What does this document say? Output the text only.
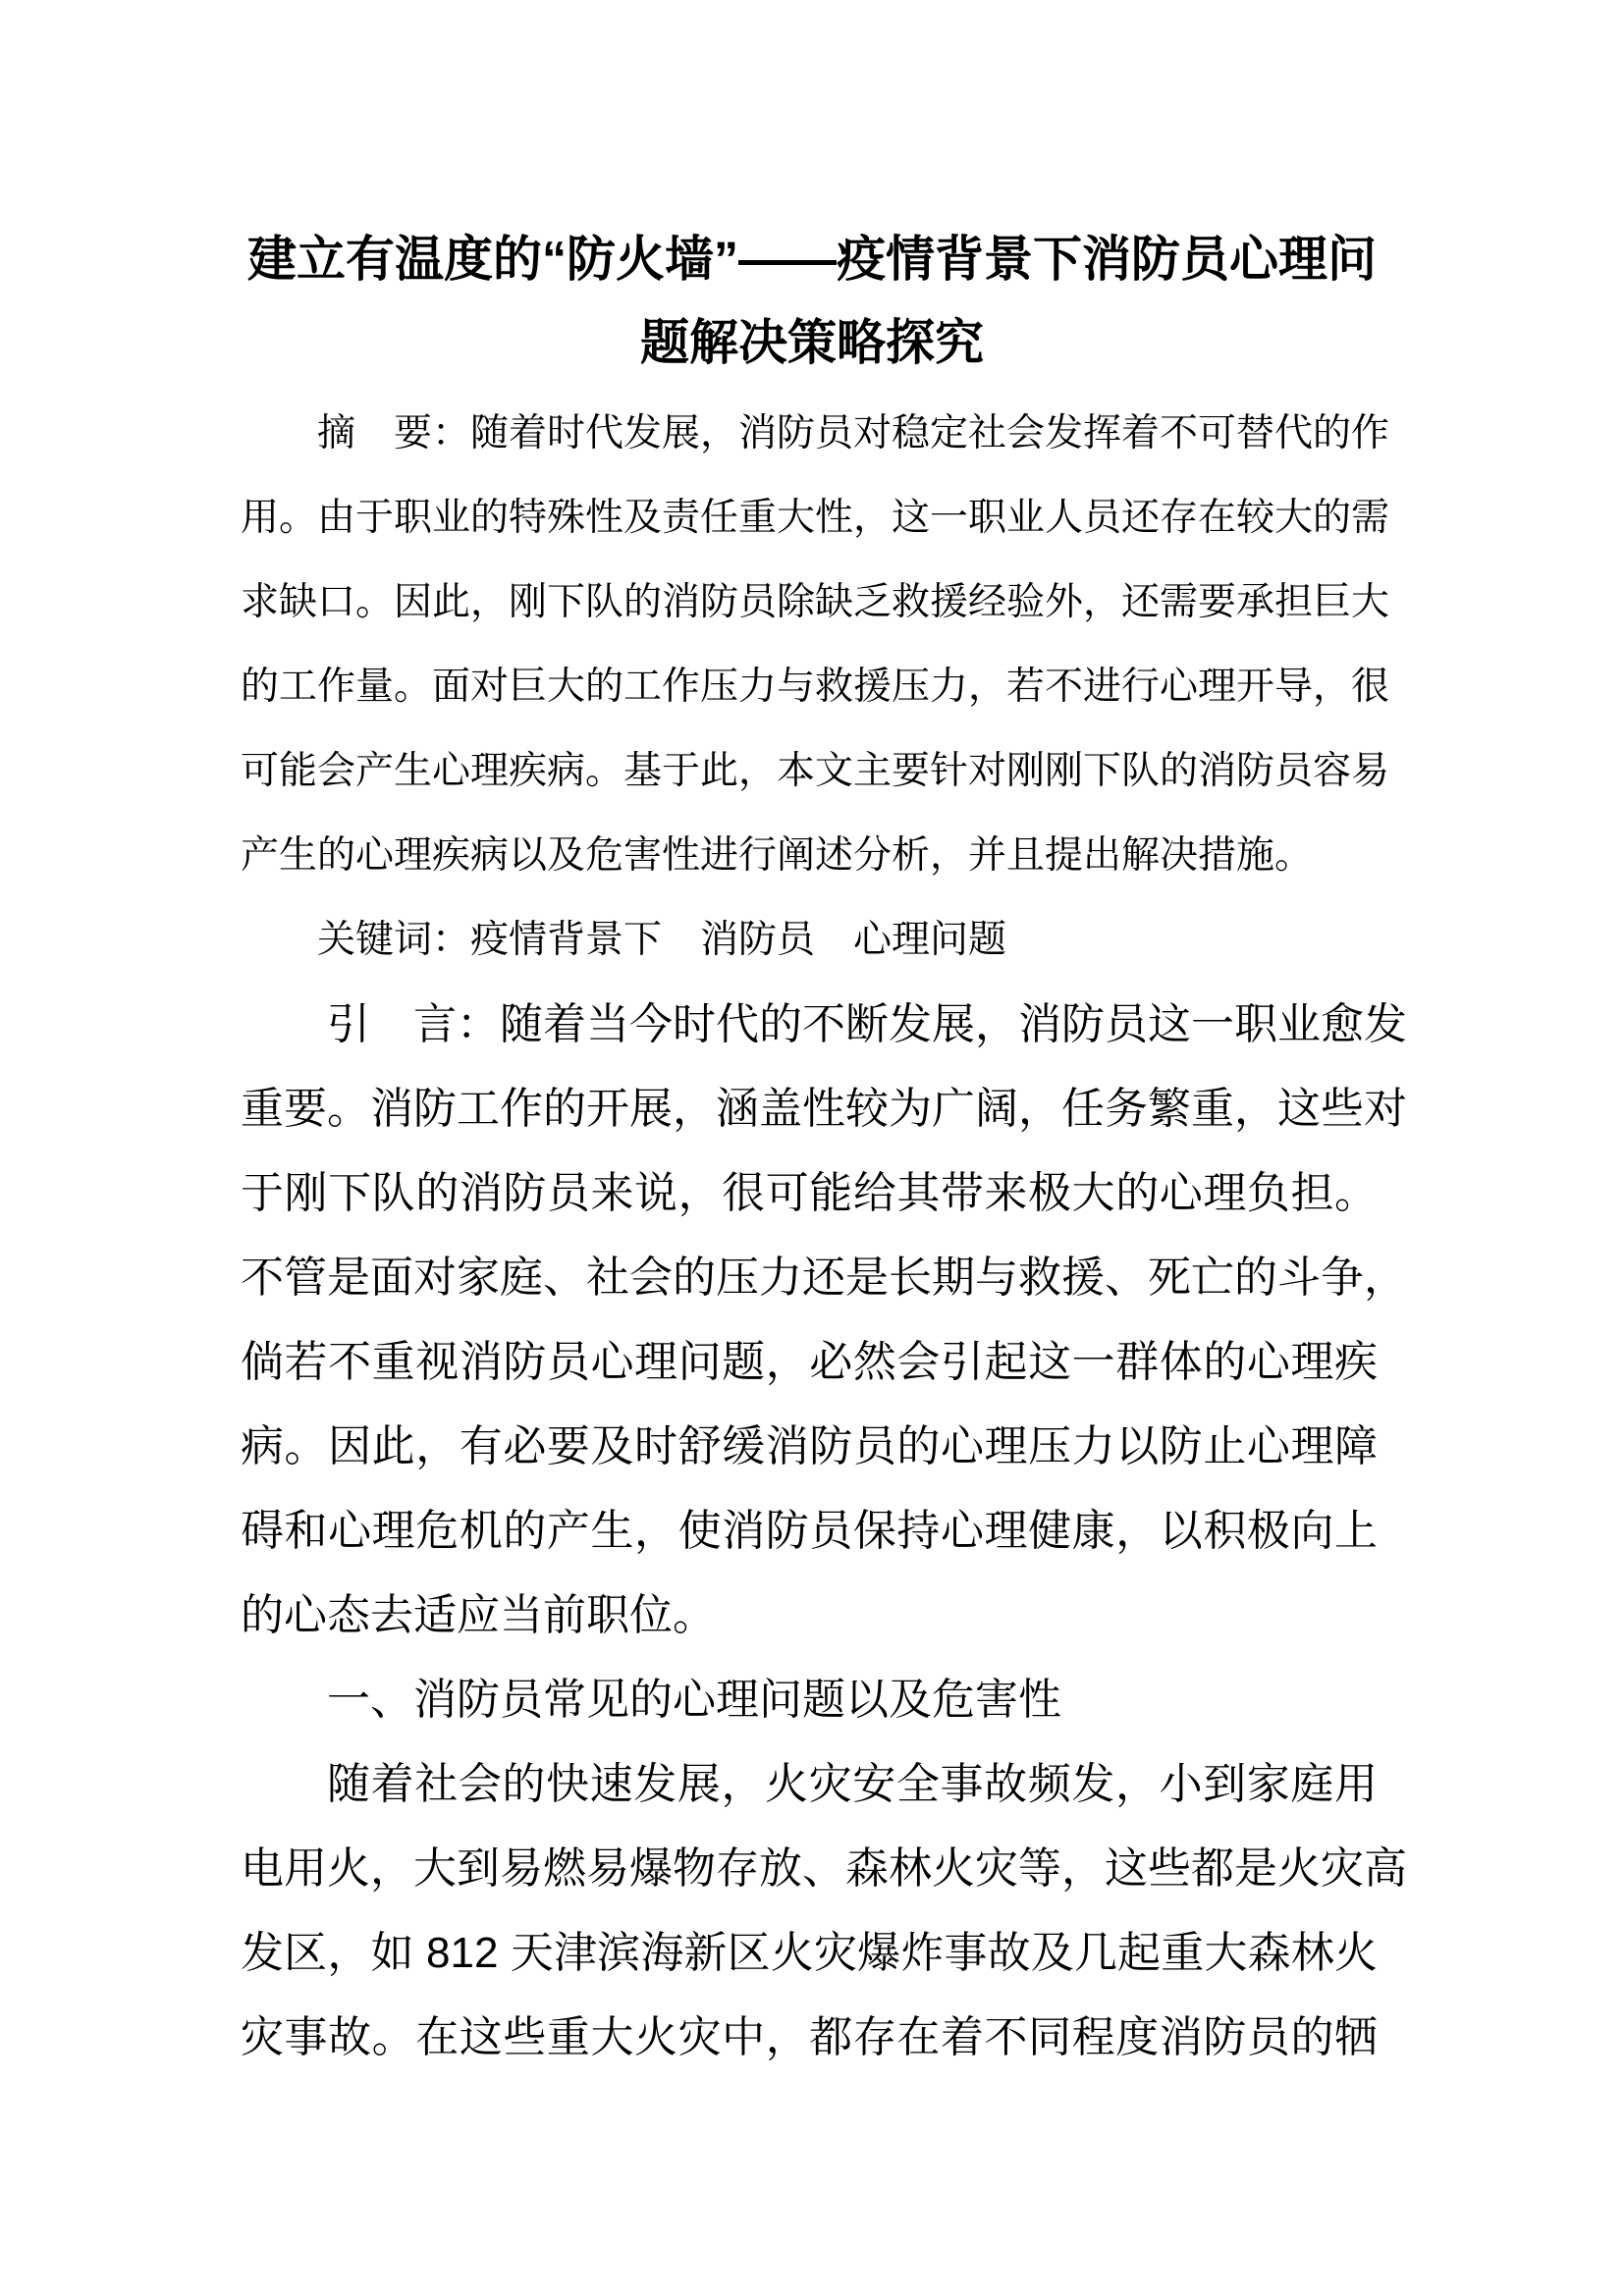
建立有温度的“防火墙”——疫情背景下消防员心理问
题解决策略探究
摘　要：随着时代发展，消防员对稳定社会发挥着不可替代的作
用。由于职业的特殊性及责任重大性，这一职业人员还存在较大的需
求缺口。因此，刚下队的消防员除缺乏救援经验外，还需要承担巨大
的工作量。面对巨大的工作压力与救援压力，若不进行心理开导，很
可能会产生心理疾病。基于此，本文主要针对刚刚下队的消防员容易
产生的心理疾病以及危害性进行阐述分析，并且提出解决措施。
关键词：疫情背景下　消防员　心理问题
引　言：随着当今时代的不断发展，消防员这一职业愈发
重要。消防工作的开展，涵盖性较为广阔，任务繁重，这些对
于刚下队的消防员来说，很可能给其带来极大的心理负担。
不管是面对家庭、社会的压力还是长期与救援、死亡的斗争，
倘若不重视消防员心理问题，必然会引起这一群体的心理疾
病。因此，有必要及时舒缓消防员的心理压力以防止心理障
碍和心理危机的产生，使消防员保持心理健康，以积极向上
的心态去适应当前职位。
一、消防员常见的心理问题以及危害性
随着社会的快速发展，火灾安全事故频发，小到家庭用
电用火，大到易燃易爆物存放、森林火灾等，这些都是火灾高
发区，如 812 天津滨海新区火灾爆炸事故及几起重大森林火
灾事故。在这些重大火灾中，都存在着不同程度消防员的牺
